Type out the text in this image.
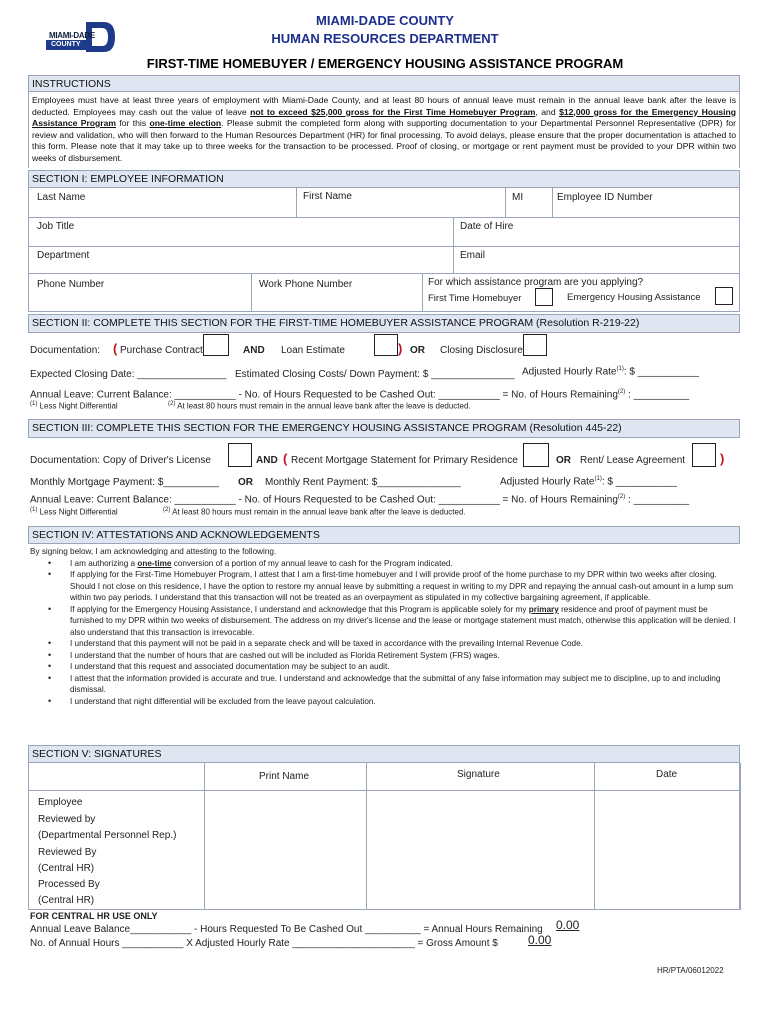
MIAMI-DADE
COUNTY
MIAMI-DADE COUNTY
HUMAN RESOURCES DEPARTMENT
FIRST-TIME HOMEBUYER / EMERGENCY HOUSING ASSISTANCE PROGRAM
INSTRUCTIONS
Employees must have at least three years of employment with Miami-Dade County, and at least 80 hours of annual leave must remain in the annual leave bank after the leave is deducted. Employees may cash out the value of leave not to exceed $25,000 gross for the First Time Homebuyer Program, and $12,000 gross for the Emergency Housing Assistance Program for this one-time election. Please submit the completed form along with supporting documentation to your Departmental Personnel Representative (DPR) for review and validation, who will then forward to the Human Resources Department (HR) for final processing. To avoid delays, please ensure that the proper documentation is attached to this form. Please note that it may take up to three weeks for the transaction to be processed. Proof of closing, or mortgage or rent payment must be provided to your DPR within two weeks of disbursement.
SECTION I: EMPLOYEE INFORMATION
Last Name	First Name	MI	Employee ID Number
Job Title	Date of Hire
Department	Email
Phone Number	Work Phone Number	For which assistance program are you applying?
First Time Homebuyer	Emergency Housing Assistance
SECTION II: COMPLETE THIS SECTION FOR THE FIRST-TIME HOMEBUYER ASSISTANCE PROGRAM (Resolution R-219-22)
Documentation: ( Purchase Contract	AND Loan Estimate	) OR Closing Disclosure
Expected Closing Date: ________________ Estimated Closing Costs/ Down Payment: $ _______________ Adjusted Hourly Rate$^{(1)}$: $ ___________
Annual Leave: Current Balance: ___________ - No. of Hours Requested to be Cashed Out: ___________ = No. of Hours Remaining$^{(2)}$ : __________
$^{(1)}$ Less Night Differential	$^{(2)}$ At least 80 hours must remain in the annual leave bank after the leave is deducted.
SECTION III: COMPLETE THIS SECTION FOR THE EMERGENCY HOUSING ASSISTANCE PROGRAM (Resolution 445-22)
Documentation: Copy of Driver's License	AND ( Recent Mortgage Statement for Primary Residence	OR Rent/ Lease Agreement	)
Monthly Mortgage Payment: $__________ OR Monthly Rent Payment: $_______________	Adjusted Hourly Rate$^{(1)}$: $ ___________
Annual Leave: Current Balance: ___________ - No. of Hours Requested to be Cashed Out: ___________ = No. of Hours Remaining$^{(2)}$ : __________
$^{(1)}$ Less Night Differential	$^{(2)}$ At least 80 hours must remain in the annual leave bank after the leave is deducted.
SECTION IV: ATTESTATIONS AND ACKNOWLEDGEMENTS
By signing below, I am acknowledging and attesting to the following.
• I am authorizing a one-time conversion of a portion of my annual leave to cash for the Program indicated.
• If applying for the First-Time Homebuyer Program, I attest that I am a first-time homebuyer and I will provide proof of the home purchase to my DPR within two weeks after closing. Should I not close on this residence, I have the option to restore my annual leave by submitting a request in writing to my DPR and repaying the annual cash-out amount in a lump sum within two pay periods. I understand that this transaction will not be treated as an overpayment as stipulated in my collective bargaining agreement, if applicable.
• If applying for the Emergency Housing Assistance, I understand and acknowledge that this Program is applicable solely for my primary residence and proof of payment must be furnished to my DPR within two weeks of disbursement. The address on my driver's license and the lease or mortgage statement must match, otherwise this application will be denied. I also understand that this transaction is irrevocable.
• I understand that this payment will not be paid in a separate check and will be taxed in accordance with the prevailing Internal Revenue Code.
• I understand that the number of hours that are cashed out will be included as Florida Retirement System (FRS) wages.
• I understand that this request and associated documentation may be subject to an audit.
• I attest that the information provided is accurate and true. I understand and acknowledge that the submittal of any false information may subject me to discipline, up to and including dismissal.
• I understand that night differential will be excluded from the leave payout calculation.
SECTION V: SIGNATURES
Print Name	Signature	Date
Employee
Reviewed by
(Departmental Personnel Rep.)
Reviewed By
(Central HR)
Processed By
(Central HR)
FOR CENTRAL HR USE ONLY
Annual Leave Balance___________ - Hours Requested To Be Cashed Out __________ = Annual Hours Remaining 0.00
No. of Annual Hours ___________ X Adjusted Hourly Rate ______________________ = Gross Amount $	0.00
HR/PTA/06012022
